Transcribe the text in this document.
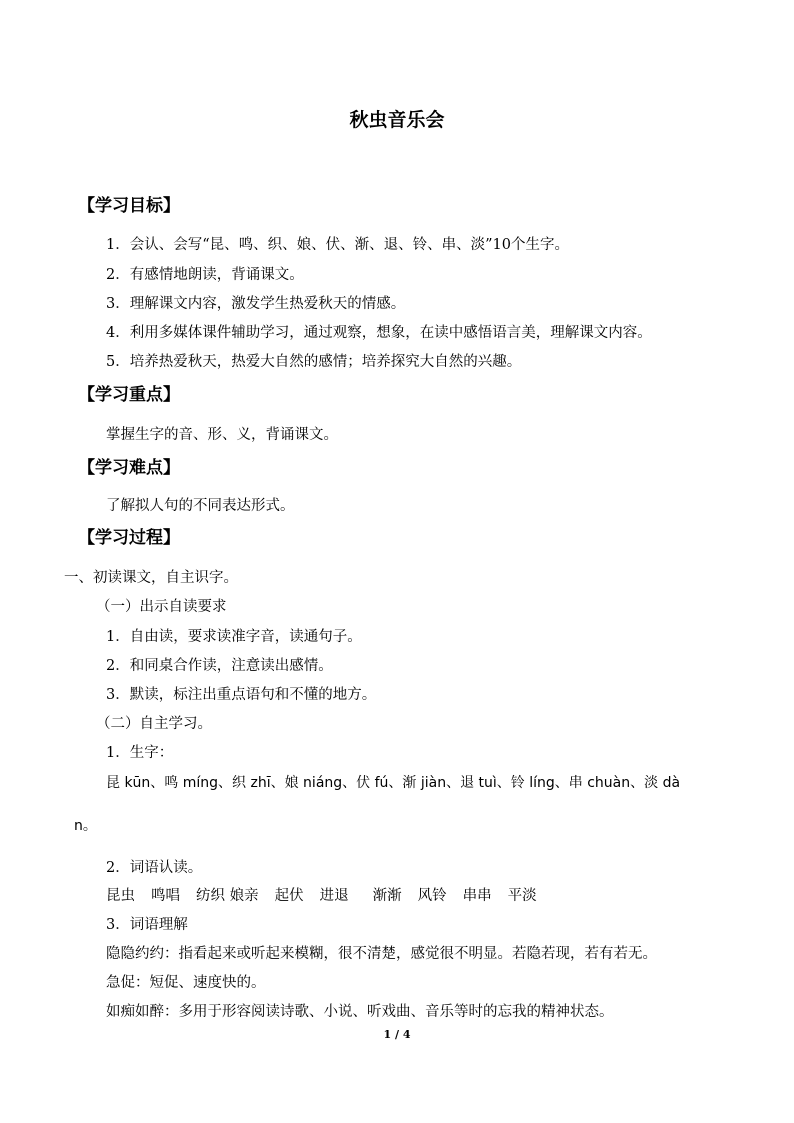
秋虫音乐会
【学习目标】
1．会认、会写“昆、鸣、织、娘、伏、渐、退、铃、串、淡”10个生字。
2．有感情地朗读，背诵课文。
3．理解课文内容，激发学生热爱秋天的情感。
4．利用多媒体课件辅助学习，通过观察，想象，在读中感悟语言美，理解课文内容。
5．培养热爱秋天，热爱大自然的感情；培养探究大自然的兴趣。
【学习重点】
掌握生字的音、形、义，背诵课文。
【学习难点】
了解拟人句的不同表达形式。
【学习过程】
一、初读课文，自主识字。
（一）出示自读要求
1．自由读，要求读准字音，读通句子。
2．和同桌合作读，注意读出感情。
3．默读，标注出重点语句和不懂的地方。
（二）自主学习。
1．生字：
昆 kūn、鸣 míng、织 zhī、娘 niáng、伏 fú、渐 jiàn、退 tuì、铃 líng、串 chuàn、淡 dà
n。
2．词语认读。
昆虫 鸣唱 纺织 娘亲 起伏 进退 渐渐 风铃 串串 平淡
3．词语理解
隐隐约约：指看起来或听起来模糊，很不清楚，感觉很不明显。若隐若现，若有若无。
急促：短促、速度快的。
如痴如醉：多用于形容阅读诗歌、小说、听戏曲、音乐等时的忘我的精神状态。
1 / 4
